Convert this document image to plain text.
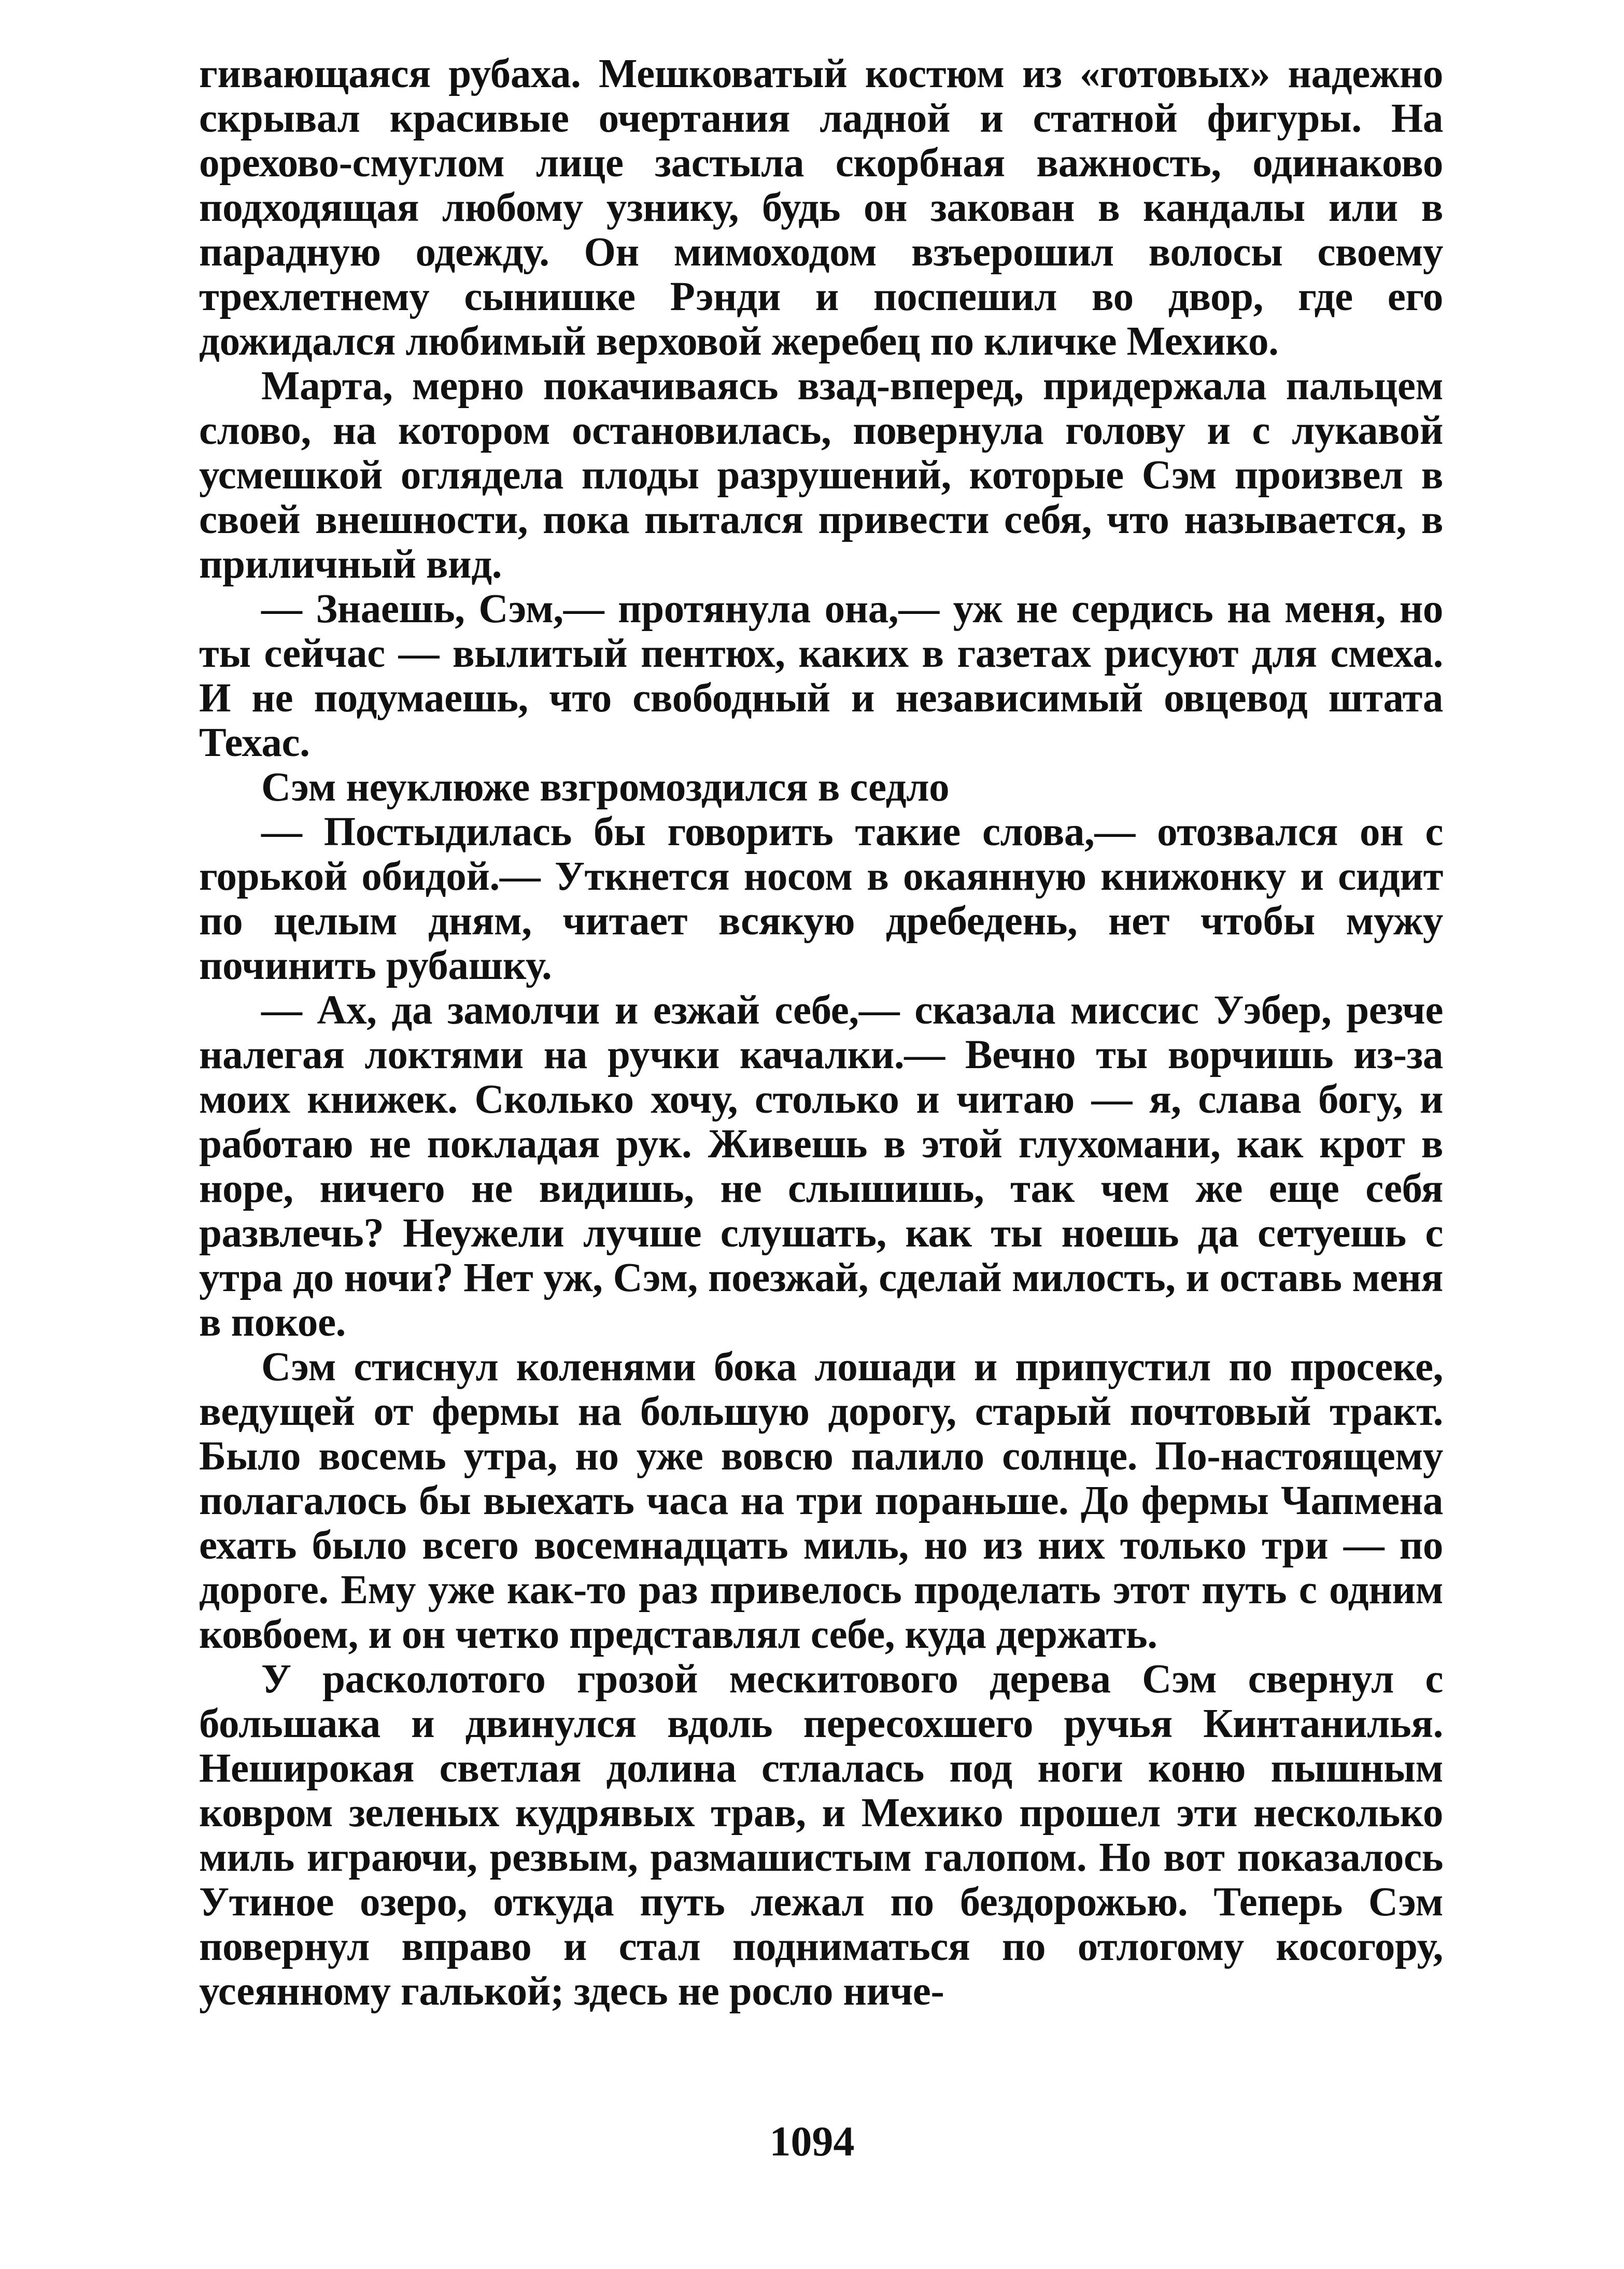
гивающаяся рубаха. Мешковатый костюм из «готовых» надежно скрывал красивые очертания ладной и статной фигуры. На орехово-смуглом лице застыла скорбная важность, одинаково подходящая любому узнику, будь он закован в кандалы или в парадную одежду. Он мимоходом взъерошил волосы своему трехлетнему сынишке Рэнди и поспешил во двор, где его дожидался любимый верховой жеребец по кличке Мехико.

Марта, мерно покачиваясь взад-вперед, придержала пальцем слово, на котором остановилась, повернула голову и с лукавой усмешкой оглядела плоды разрушений, которые Сэм произвел в своей внешности, пока пытался привести себя, что называется, в приличный вид.

— Знаешь, Сэм,— протянула она,— уж не сердись на меня, но ты сейчас — вылитый пентюх, каких в газетах рисуют для смеха. И не подумаешь, что свободный и независимый овцевод штата Техас.

Сэм неуклюже взгромоздился в седло

— Постыдилась бы говорить такие слова,— отозвался он с горькой обидой.— Уткнется носом в окаянную книжонку и сидит по целым дням, читает всякую дребедень, нет чтобы мужу починить рубашку.

— Ах, да замолчи и езжай себе,— сказала миссис Уэбер, резче налегая локтями на ручки качалки.— Вечно ты ворчишь из-за моих книжек. Сколько хочу, столько и читаю — я, слава богу, и работаю не покладая рук. Живешь в этой глухомани, как крот в норе, ничего не видишь, не слышишь, так чем же еще себя развлечь? Неужели лучше слушать, как ты ноешь да сетуешь с утра до ночи? Нет уж, Сэм, поезжай, сделай милость, и оставь меня в покое.

Сэм стиснул коленями бока лошади и припустил по просеке, ведущей от фермы на большую дорогу, старый почтовый тракт. Было восемь утра, но уже вовсю палило солнце. По-настоящему полагалось бы выехать часа на три пораньше. До фермы Чапмена ехать было всего восемнадцать миль, но из них только три — по дороге. Ему уже как-то раз привелось проделать этот путь с одним ковбоем, и он четко представлял себе, куда держать.

У расколотого грозой мескитового дерева Сэм свернул с большака и двинулся вдоль пересохшего ручья Кинтанилья. Неширокая светлая долина стлалась под ноги коню пышным ковром зеленых кудрявых трав, и Мехико прошел эти несколько миль играючи, резвым, размашистым галопом. Но вот показалось Утиное озеро, откуда путь лежал по бездорожью. Теперь Сэм повернул вправо и стал подниматься по отлогому косогору, усеянному галькой; здесь не росло ниче-

1094
